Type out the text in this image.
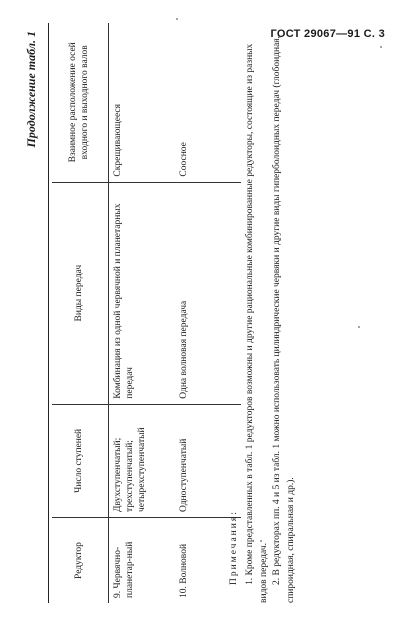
ГОСТ 29067—91 С. 3
Продолжение табл. 1
Редуктор	Число ступеней	Виды передач	Взаимное расположение осей входного и выходного валов
9. Червячно-планетар-ный	Двухступенчатый; трехступенчатый; четырехступенчатый	Комбинация из одной червячной и планетарных передач	Скрещивающееся
10. Волновой	Одноступенчатый	Одна волновая передача	Соосное

Примечания: 1. Кроме представленных в табл. 1 редукторов возможны и другие рациональные комбинированные редукторы, состоящие из разных видов передач. 2. В редукторах пп. 4 и 5 из табл. 1 можно использовать цилиндрические червяки и другие виды гиперболоидных передач (глобоидная, спироидная, спиральная и др.).
